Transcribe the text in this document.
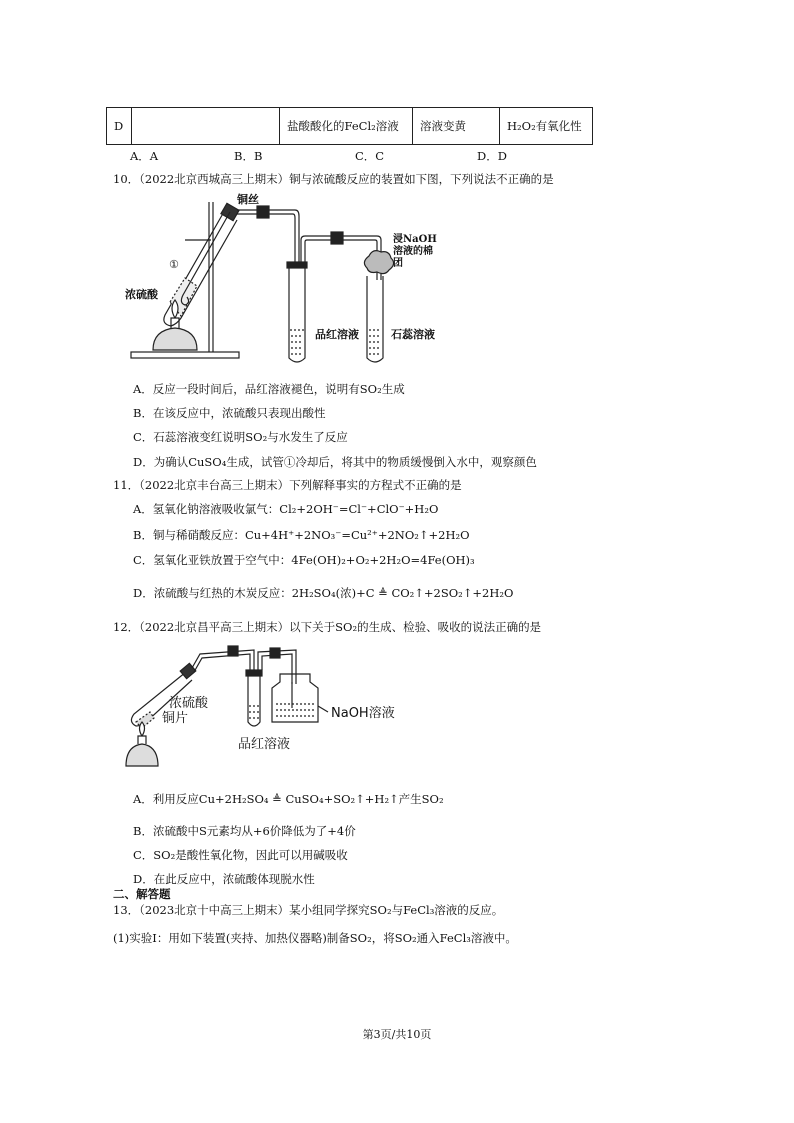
D		盐酸酸化的FeCl₂溶液	溶液变黄	H₂O₂有氧化性
A．A	B．B	C．C	D．D
10．（2022北京西城高三上期末）铜与浓硫酸反应的装置如下图，下列说法不正确的是
铜丝
①
浓硫酸
品红溶液	石蕊溶液
浸NaOH溶液的棉团
A．反应一段时间后，品红溶液褪色，说明有SO₂生成
B．在该反应中，浓硫酸只表现出酸性
C．石蕊溶液变红说明SO₂与水发生了反应
D．为确认CuSO₄生成，试管①冷却后，将其中的物质缓慢倒入水中，观察颜色
11．（2022北京丰台高三上期末）下列解释事实的方程式不正确的是
A．氢氧化钠溶液吸收氯气：Cl₂+2OH⁻=Cl⁻+ClO⁻+H₂O
B．铜与稀硝酸反应：Cu+4H⁺+2NO₃⁻=Cu²⁺+2NO₂↑+2H₂O
C．氢氧化亚铁放置于空气中：4Fe(OH)₂+O₂+2H₂O=4Fe(OH)₃
D．浓硫酸与红热的木炭反应：2H₂SO₄(浓)+C ≜ CO₂↑+2SO₂↑+2H₂O
12．（2022北京昌平高三上期末）以下关于SO₂的生成、检验、吸收的说法正确的是
浓硫酸
铜片	NaOH溶液
品红溶液
A．利用反应Cu+2H₂SO₄ ≜ CuSO₄+SO₂↑+H₂↑产生SO₂
B．浓硫酸中S元素均从+6价降低为了+4价
C．SO₂是酸性氧化物，因此可以用碱吸收
D．在此反应中，浓硫酸体现脱水性
二、解答题
13．（2023北京十中高三上期末）某小组同学探究SO₂与FeCl₃溶液的反应。
(1)实验Ⅰ：用如下装置(夹持、加热仪器略)制备SO₂，将SO₂通入FeCl₃溶液中。
第3页/共10页
